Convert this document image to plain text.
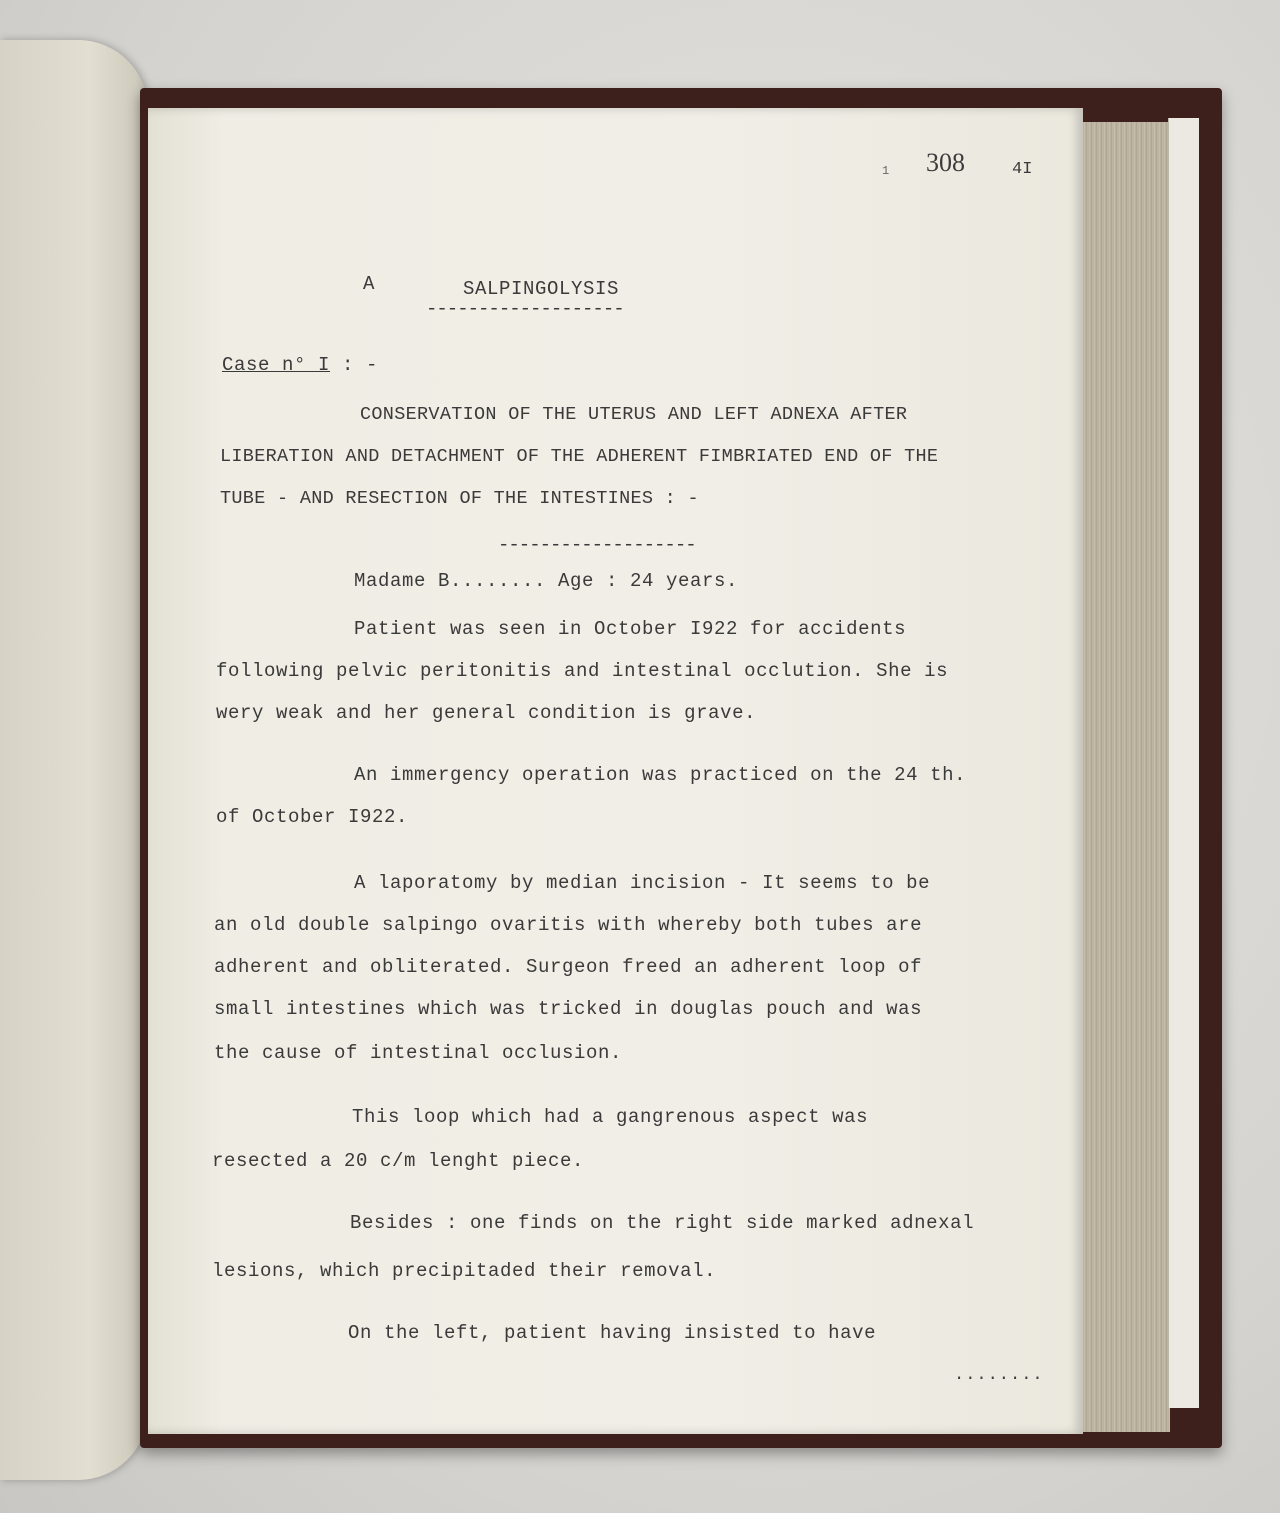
1 308	4I
A	SALPINGOLYSIS
-------------------
Case n° I : -
CONSERVATION OF THE UTERUS AND LEFT ADNEXA AFTER
LIBERATION AND DETACHMENT OF THE ADHERENT FIMBRIATED END OF THE
TUBE - AND RESECTION OF THE INTESTINES : -
-------------------
Madame B........ Age : 24 years.
Patient was seen in October I922 for accidents
following pelvic peritonitis and intestinal occlution. She is
wery weak and her general condition is grave.
An immergency operation was practiced on the 24 th.
of October I922.
A laporatomy by median incision - It seems to be
an old double salpingo ovaritis with whereby both tubes are
adherent and obliterated. Surgeon freed an adherent loop of
small intestines which was tricked in douglas pouch and was
the cause of intestinal occlusion.
This loop which had a gangrenous aspect was
resected a 20 c/m lenght piece.
Besides : one finds on the right side marked adnexal
lesions, which precipitaded their removal.
On the left, patient having insisted to have
........
